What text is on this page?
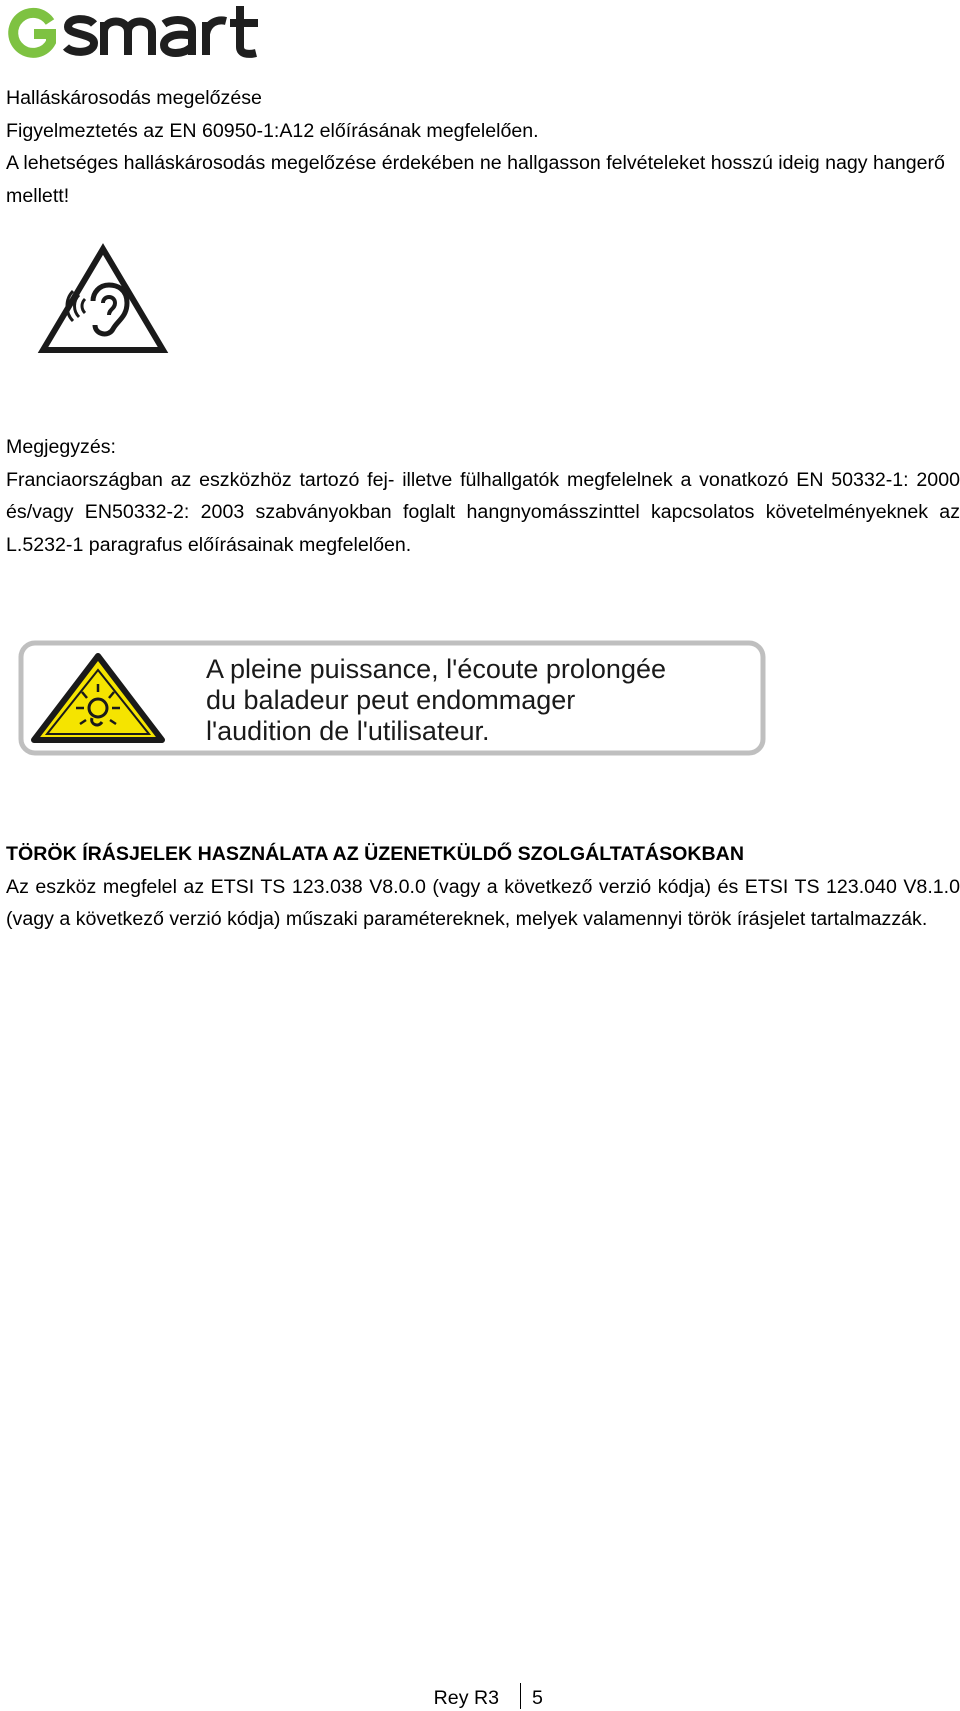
Halláskárosodás megelőzése

Figyelmeztetés az EN 60950-1:A12 előírásának megfelelően.

A lehetséges halláskárosodás megelőzése érdekében ne hallgasson felvételeket hosszú ideig nagy hangerő mellett!

Megjegyzés:

Franciaországban az eszközhöz tartozó fej- illetve fülhallgatók megfelelnek a vonatkozó EN 50332-1: 2000 és/vagy EN50332-2: 2003 szabványokban foglalt hangnyomásszinttel kapcsolatos követelményeknek az L.5232-1 paragrafus előírásainak megfelelően.

A pleine puissance, l'écoute prolongée
du baladeur peut endommager
l'audition de l'utilisateur.

TÖRÖK ÍRÁSJELEK HASZNÁLATA AZ ÜZENETKÜLDŐ SZOLGÁLTATÁSOKBAN

Az eszköz megfelel az ETSI TS 123.038 V8.0.0 (vagy a következő verzió kódja) és ETSI TS 123.040 V8.1.0 (vagy a következő verzió kódja) műszaki paramétereknek, melyek valamennyi török írásjelet tartalmazzák.

Rey R3 5
